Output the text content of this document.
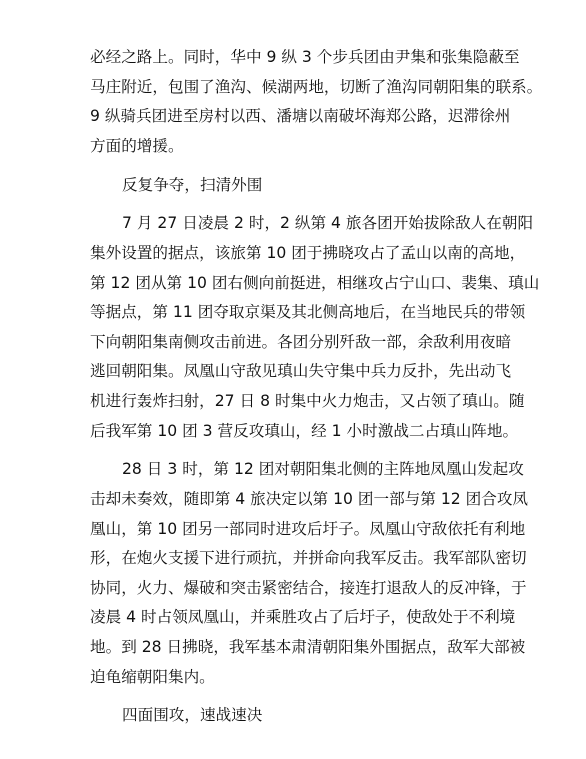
必经之路上。同时，华中 9 纵 3 个步兵团由尹集和张集隐蔽至
马庄附近，包围了渔沟、候湖两地，切断了渔沟同朝阳集的联系。
9 纵骑兵团进至房村以西、潘塘以南破坏海郑公路，迟滞徐州
方面的增援。
反复争夺，扫清外围
7 月 27 日凌晨 2 时，2 纵第 4 旅各团开始拔除敌人在朝阳
集外设置的据点，该旅第 10 团于拂晓攻占了孟山以南的高地，
第 12 团从第 10 团右侧向前挺进，相继攻占宁山口、裴集、瑱山
等据点，第 11 团夺取京渠及其北侧高地后，在当地民兵的带领
下向朝阳集南侧攻击前进。各团分别歼敌一部，余敌利用夜暗
逃回朝阳集。凤凰山守敌见瑱山失守集中兵力反扑，先出动飞
机进行轰炸扫射，27 日 8 时集中火力炮击，又占领了瑱山。随
后我军第 10 团 3 营反攻瑱山，经 1 小时激战二占瑱山阵地。
28 日 3 时，第 12 团对朝阳集北侧的主阵地凤凰山发起攻
击却未奏效，随即第 4 旅决定以第 10 团一部与第 12 团合攻凤
凰山，第 10 团另一部同时进攻后圩子。凤凰山守敌依托有利地
形，在炮火支援下进行顽抗，并拼命向我军反击。我军部队密切
协同，火力、爆破和突击紧密结合，接连打退敌人的反冲锋，于
凌晨 4 时占领凤凰山，并乘胜攻占了后圩子，使敌处于不利境
地。到 28 日拂晓，我军基本肃清朝阳集外围据点，敌军大部被
迫龟缩朝阳集内。
四面围攻，速战速决
